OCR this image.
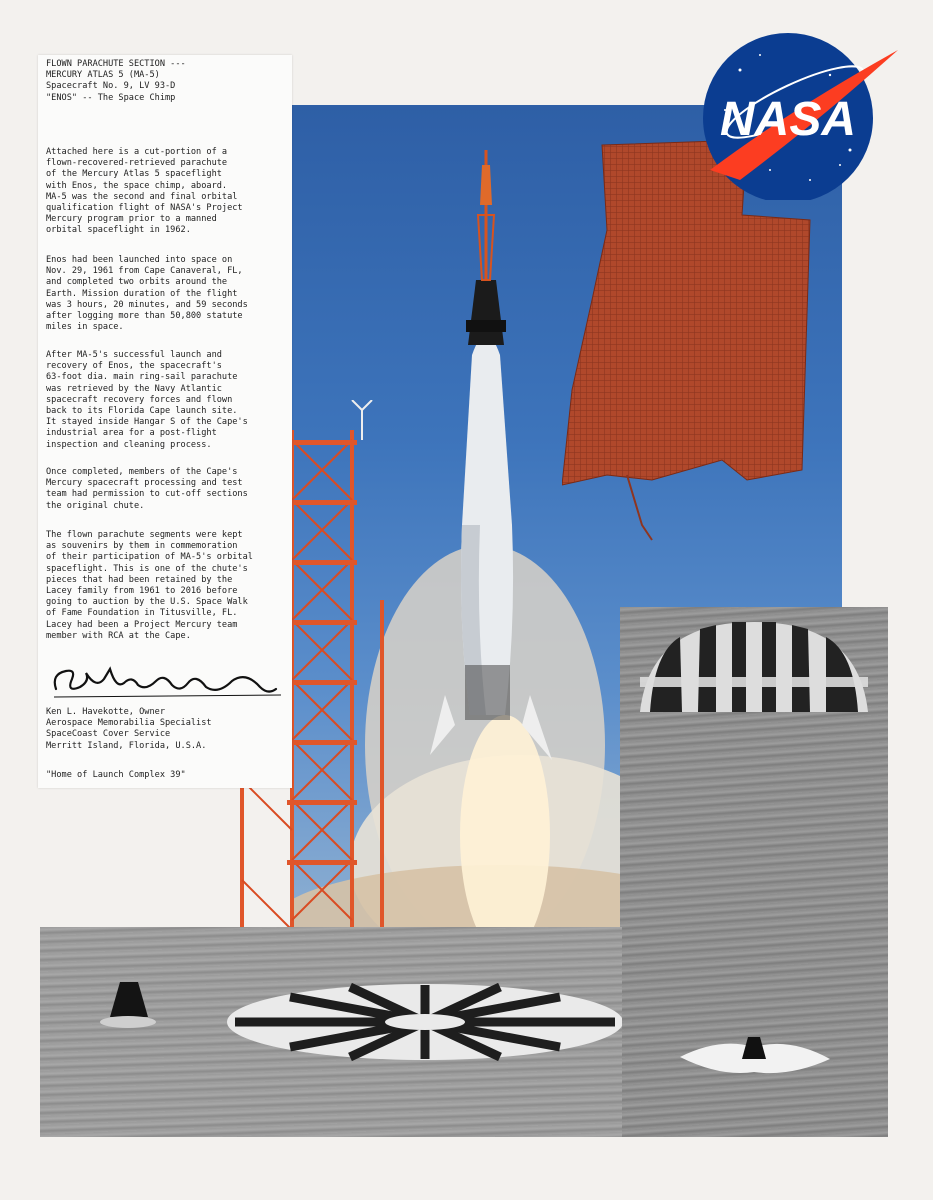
NASA
FLOWN PARACHUTE SECTION ---
MERCURY ATLAS 5 (MA-5)
Spacecraft No. 9, LV 93-D
"ENOS" -- The Space Chimp
Attached here is a cut-portion of a
flown-recovered-retrieved parachute
of the Mercury Atlas 5 spaceflight
with Enos, the space chimp, aboard.
MA-5 was the second and final orbital
qualification flight of NASA's Project
Mercury program prior to a manned
orbital spaceflight in 1962.
Enos had been launched into space on
Nov. 29, 1961 from Cape Canaveral, FL,
and completed two orbits around the
Earth. Mission duration of the flight
was 3 hours, 20 minutes, and 59 seconds
after logging more than 50,800 statute
miles in space.
After MA-5's successful launch and
recovery of Enos, the spacecraft's
63-foot dia. main ring-sail parachute
was retrieved by the Navy Atlantic
spacecraft recovery forces and flown
back to its Florida Cape launch site.
It stayed inside Hangar S of the Cape's
industrial area for a post-flight
inspection and cleaning process.
Once completed, members of the Cape's
Mercury spacecraft processing and test
team had permission to cut-off sections
the original chute.
The flown parachute segments were kept
as souvenirs by them in commemoration
of their participation of MA-5's orbital
spaceflight. This is one of the chute's
pieces that had been retained by the
Lacey family from 1961 to 2016 before
going to auction by the U.S. Space Walk
of Fame Foundation in Titusville, FL.
Lacey had been a Project Mercury team
member with RCA at the Cape.
Ken L. Havekotte, Owner
Aerospace Memorabilia Specialist
SpaceCoast Cover Service
Merritt Island, Florida, U.S.A.
"Home of Launch Complex 39"
